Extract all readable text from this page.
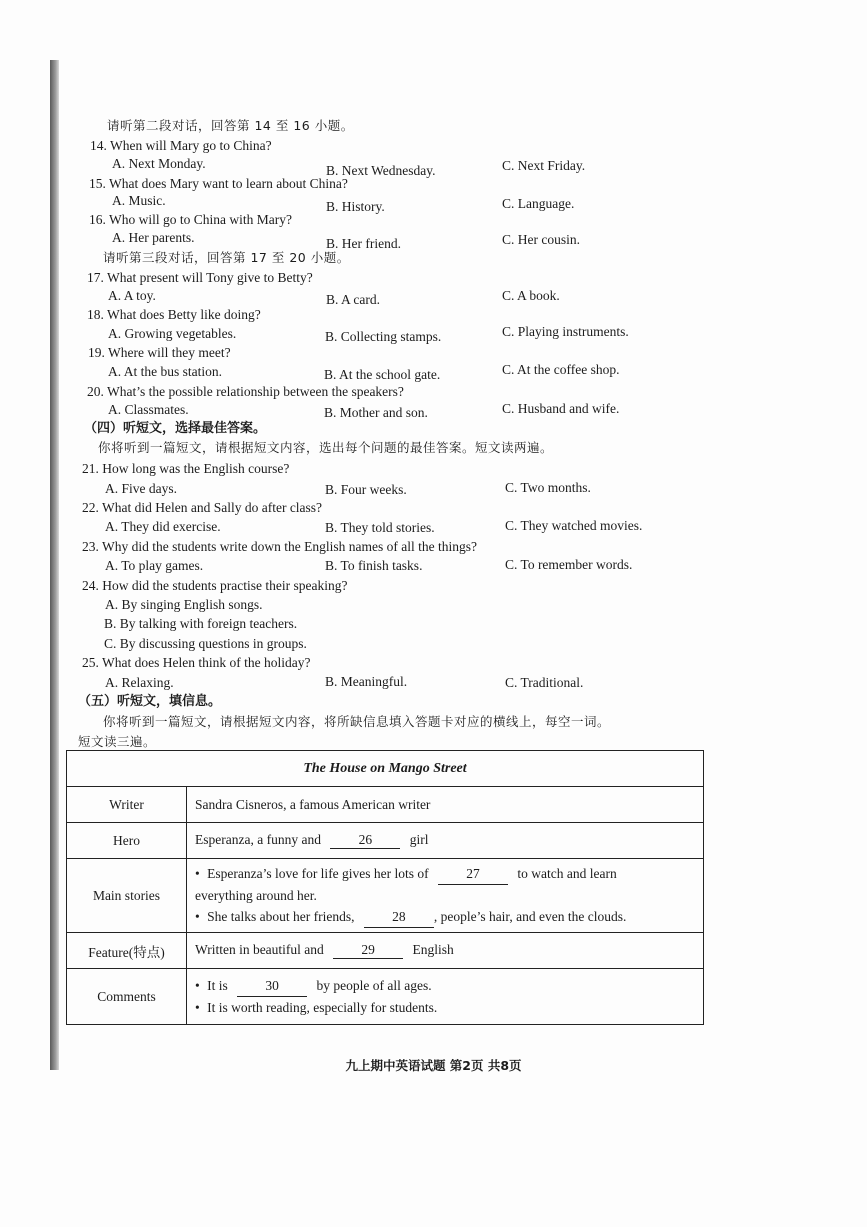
请听第二段对话，回答第 14 至 16 小题。
14. When will Mary go to China?
A. Next Monday.	B. Next Wednesday.	C. Next Friday.
15. What does Mary want to learn about China?
A. Music.	B. History.	C. Language.
16. Who will go to China with Mary?
A. Her parents.	B. Her friend.	C. Her cousin.
请听第三段对话，回答第 17 至 20 小题。
17. What present will Tony give to Betty?
A. A toy.	B. A card.	C. A book.
18. What does Betty like doing?
A. Growing vegetables.	B. Collecting stamps.	C. Playing instruments.
19. Where will they meet?
A. At the bus station.	B. At the school gate.	C. At the coffee shop.
20. What’s the possible relationship between the speakers?
A. Classmates.	B. Mother and son.	C. Husband and wife.
（四）听短文，选择最佳答案。
你将听到一篇短文，请根据短文内容，选出每个问题的最佳答案。短文读两遍。
21. How long was the English course?
A. Five days.	B. Four weeks.	C. Two months.
22. What did Helen and Sally do after class?
A. They did exercise.	B. They told stories.	C. They watched movies.
23. Why did the students write down the English names of all the things?
A. To play games.	B. To finish tasks.	C. To remember words.
24. How did the students practise their speaking?
A. By singing English songs.
B. By talking with foreign teachers.
C. By discussing questions in groups.
25. What does Helen think of the holiday?
A. Relaxing.	B. Meaningful.	C. Traditional.
（五）听短文，填信息。
你将听到一篇短文，请根据短文内容，将所缺信息填入答题卡对应的横线上，每空一词。
短文读三遍。
The House on Mango Street	
Writer	Sandra Cisneros, a famous American writer
Hero	Esperanza, a funny and 26 girl
Main stories	• Esperanza’s love for life gives her lots of 27 to watch and learn
everything around her.
• She talks about her friends, 28 , people’s hair, and even the clouds.

Feature(特点)	Written in beautiful and 29 English
Comments	• It is 30 by people of all ages.
• It is worth reading, especially for students.
九上期中英语试题 第2页 共8页
